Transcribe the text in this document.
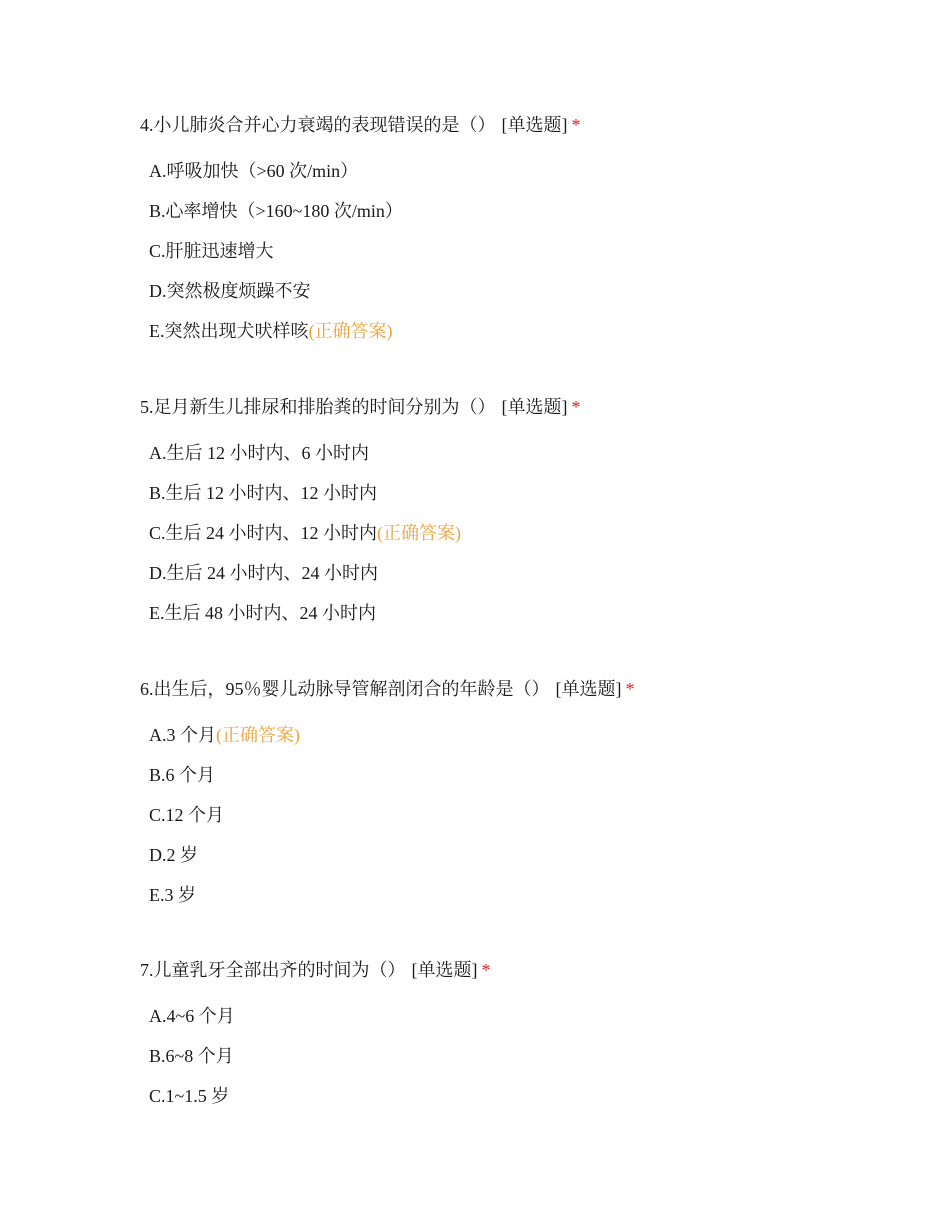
4.小儿肺炎合并心力衰竭的表现错误的是（） [单选题] *
A.呼吸加快（>60 次/min）
B.心率增快（>160~180 次/min）
C.肝脏迅速增大
D.突然极度烦躁不安
E.突然出现犬吠样咳(正确答案)
5.足月新生儿排尿和排胎粪的时间分别为（） [单选题] *
A.生后 12 小时内、6 小时内
B.生后 12 小时内、12 小时内
C.生后 24 小时内、12 小时内(正确答案)
D.生后 24 小时内、24 小时内
E.生后 48 小时内、24 小时内
6.出生后，95％婴儿动脉导管解剖闭合的年龄是（） [单选题] *
A.3 个月(正确答案)
B.6 个月
C.12 个月
D.2 岁
E.3 岁
7.儿童乳牙全部出齐的时间为（） [单选题] *
A.4~6 个月
B.6~8 个月
C.1~1.5 岁
